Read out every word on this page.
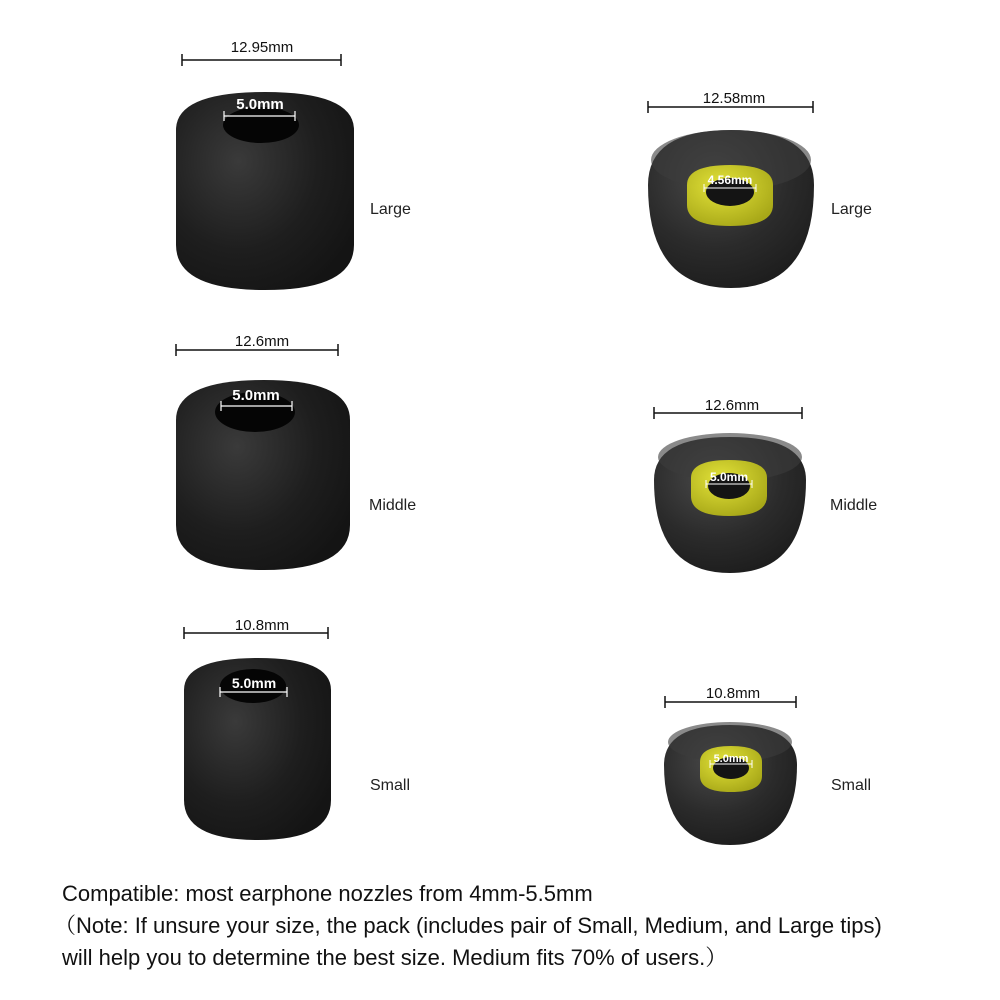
12.95mm
5.0mm
12.6mm
5.0mm
10.8mm
5.0mm
12.58mm
4.56mm
12.6mm
5.0mm
10.8mm
5.0mm
Large
Middle
Small
Large
Middle
Small
Compatible: most earphone nozzles from 4mm-5.5mm
（Note: If unsure your size, the pack (includes pair of Small, Medium, and Large tips)
will help you to determine the best size. Medium fits 70% of users.）
